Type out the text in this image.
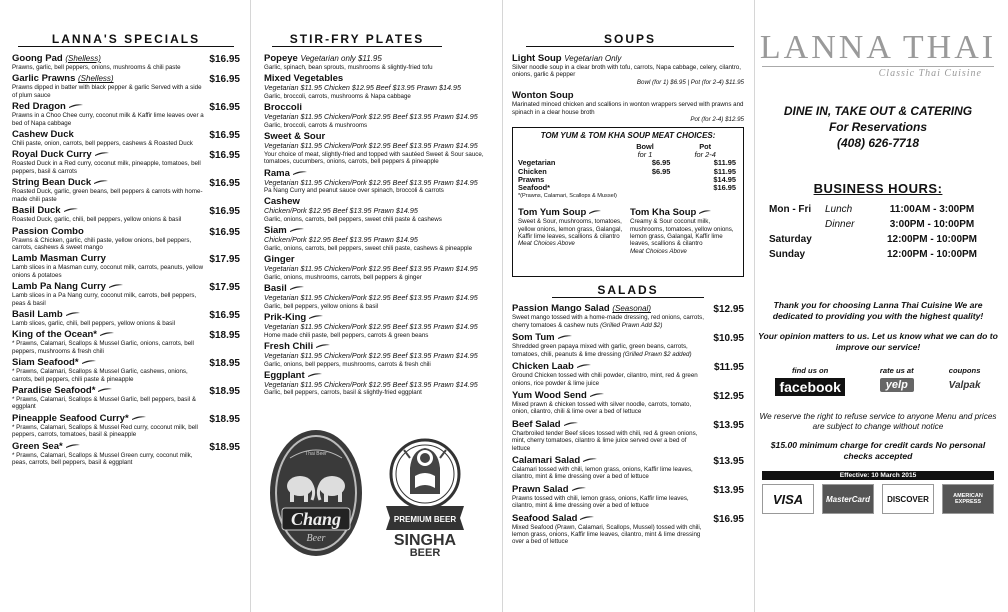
LANNA'S SPECIALS
Goong Pad (Shelless)	$16.95
Prawns, garlic, bell peppers, onions, mushrooms & chili paste
Garlic Prawns (Shelless)	$16.95
Prawns dipped in batter with black pepper & garlic Served with a side of plum sauce
Red Dragon	$16.95
Prawns in a Choo Chee curry, coconut milk & Kaffir lime leaves over a bed of Napa cabbage
Cashew Duck	$16.95
Chili paste, onion, carrots, bell peppers, cashews & Roasted Duck
Royal Duck Curry	$16.95
Roasted Duck in a Red curry, coconut milk, pineapple, tomatoes, bell peppers, basil & carrots
String Bean Duck	$16.95
Roasted Duck, garlic, green beans, bell peppers & carrots with home-made chili paste
Basil Duck	$16.95
Roasted Duck, garlic, chili, bell peppers, yellow onions & basil
Passion Combo	$16.95
Prawns & Chicken, garlic, chili paste, yellow onions, bell peppers, carrots, cashews & sweet mango
Lamb Masman Curry	$17.95
Lamb slices in a Masman curry, coconut milk, carrots, peanuts, yellow onions & potatoes
Lamb Pa Nang Curry	$17.95
Lamb slices in a Pa Nang curry, coconut milk, carrots, bell peppers, peas & basil
Basil Lamb	$16.95
Lamb slices, garlic, chili, bell peppers, yellow onions & basil
King of the Ocean*	$18.95
* Prawns, Calamari, Scallops & Mussel Garlic, onions, carrots, bell peppers, mushrooms & fresh chili
Siam Seafood*	$18.95
* Prawns, Calamari, Scallops & Mussel Garlic, cashews, onions, carrots, bell peppers, chili paste & pineapple
Paradise Seafood*	$18.95
* Prawns, Calamari, Scallops & Mussel Garlic, bell peppers, basil & eggplant
Pineapple Seafood Curry*	$18.95
* Prawns, Calamari, Scallops & Mussel Red curry, coconut milk, bell peppers, carrots, tomatoes, basil & pineapple
Green Sea*	$18.95
* Prawns, Calamari, Scallops & Mussel Green curry, coconut milk, peas, carrots, bell peppers, basil & eggplant
STIR-FRY PLATES
Popeye Vegetarian only $11.95
Garlic, spinach, bean sprouts, mushrooms & slightly-fried tofu
Mixed Vegetables
Vegetarian $11.95 Chicken $12.95 Beef $13.95 Prawn $14.95
Garlic, broccoli, carrots, mushrooms & Napa cabbage
Broccoli
Vegetarian $11.95 Chicken/Pork $12.95 Beef $13.95 Prawn $14.95
Garlic, broccoli, carrots & mushrooms
Sweet & Sour
Vegetarian $11.95 Chicken/Pork $12.95 Beef $13.95 Prawn $14.95
Your choice of meat, slightly-fried and topped with sautéed Sweet & Sour sauce, tomatoes, cucumbers, onions, carrots, bell peppers & pineapple
Rama
Vegetarian $11.95 Chicken/Pork $12.95 Beef $13.95 Prawn $14.95
Pa Nang Curry and peanut sauce over spinach, broccoli & carrots
Cashew
Chicken/Pork $12.95 Beef $13.95 Prawn $14.95
Garlic, onions, carrots, bell peppers, sweet chili paste & cashews
Siam
Chicken/Pork $12.95 Beef $13.95 Prawn $14.95
Garlic, onions, carrots, bell peppers, sweet chili paste, cashews & pineapple
Ginger
Vegetarian $11.95 Chicken/Pork $12.95 Beef $13.95 Prawn $14.95
Garlic, onions, mushrooms, carrots, bell peppers & ginger
Basil
Vegetarian $11.95 Chicken/Pork $12.95 Beef $13.95 Prawn $14.95
Garlic, bell peppers, yellow onions & basil
Prik-King
Vegetarian $11.95 Chicken/Pork $12.95 Beef $13.95 Prawn $14.95
Home made chili paste, bell peppers, carrots & green beans
Fresh Chili
Vegetarian $11.95 Chicken/Pork $12.95 Beef $13.95 Prawn $14.95
Garlic, onions, bell peppers, mushrooms, carrots & fresh chili
Eggplant
Vegetarian $11.95 Chicken/Pork $12.95 Beef $13.95 Prawn $14.95
Garlic, bell peppers, carrots, basil & slightly-fried eggplant
Chang
Beer
Thai Beer
PREMIUM BEER
SINGHA
BEER
SOUPS
Light Soup Vegetarian Only
Silver noodle soup in a clear broth with tofu, carrots, Napa cabbage, celery, cilantro, onions, garlic & pepper
Bowl (for 1) $6.95 | Pot (for 2-4) $11.95
Wonton Soup
Marinated minced chicken and scallions in wonton wrappers served with prawns and spinach in a clear house broth
Pot (for 2-4) $12.95
TOM YUM & TOM KHA SOUP MEAT CHOICES:
	Bowl
for 1	Pot
for 2-4
Vegetarian	$6.95	$11.95
Chicken	$6.95	$11.95
Prawns		$14.95
Seafood*		$16.95
*(Prawns, Calamari, Scallops & Mussel)
Tom Yum Soup
Sweet & Sour, mushrooms, tomatoes, yellow onions, lemon grass, Galangal, Kaffir lime leaves, scallions & cilantro
Meat Choices Above
Tom Kha Soup
Creamy & Sour coconut milk, mushrooms, tomatoes, yellow onions, lemon grass, Galangal, Kaffir lime leaves, scallions & cilantro
Meat Choices Above
SALADS
Passion Mango Salad (Seasonal)	$12.95
Sweet mango tossed with a home-made dressing, red onions, carrots, cherry tomatoes & cashew nuts (Grilled Prawn Add $2)
Som Tum	$10.95
Shredded green papaya mixed with garlic, green beans, carrots, tomatoes, chili, peanuts & lime dressing (Grilled Prawn $2 added)
Chicken Laab	$11.95
Ground Chicken tossed with chili powder, cilantro, mint, red & green onions, rice powder & lime juice
Yum Wood Send	$12.95
Mixed prawn & chicken tossed with silver noodle, carrots, tomato, onion, cilantro, chili & lime over a bed of lettuce
Beef Salad	$13.95
Charbroiled tender Beef slices tossed with chili, red & green onions, mint, cherry tomatoes, cilantro & lime juice served over a bed of lettuce
Calamari Salad	$13.95
Calamari tossed with chili, lemon grass, onions, Kaffir lime leaves, cilantro, mint & lime dressing over a bed of lettuce
Prawn Salad	$13.95
Prawns tossed with chili, lemon grass, onions, Kaffir lime leaves, cilantro, mint & lime dressing over a bed of lettuce
Seafood Salad	$16.95
Mixed Seafood (Prawn, Calamari, Scallops, Mussel) tossed with chili, lemon grass, onions, Kaffir lime leaves, cilantro, mint & lime dressing over a bed of lettuce
LANNA THAI
Classic Thai Cuisine
DINE IN, TAKE OUT & CATERING
For Reservations
(408) 626-7718
BUSINESS HOURS:
Mon - Fri	Lunch	11:00AM - 3:00PM
Dinner	3:00PM - 10:00PM
Saturday	12:00PM - 10:00PM
Sunday	12:00PM - 10:00PM
Thank you for choosing Lanna Thai Cuisine We are dedicated to providing you with the highest quality!
Your opinion matters to us. Let us know what we can do to improve our service!
find us on
facebook
rate us at
yelp
coupons
Valpak
We reserve the right to refuse service to anyone Menu and prices are subject to change without notice
$15.00 minimum charge for credit cards No personal checks accepted
Effective: 10 March 2015
VISA	MasterCard	DISCOVER	AMERICAN EXPRESS
